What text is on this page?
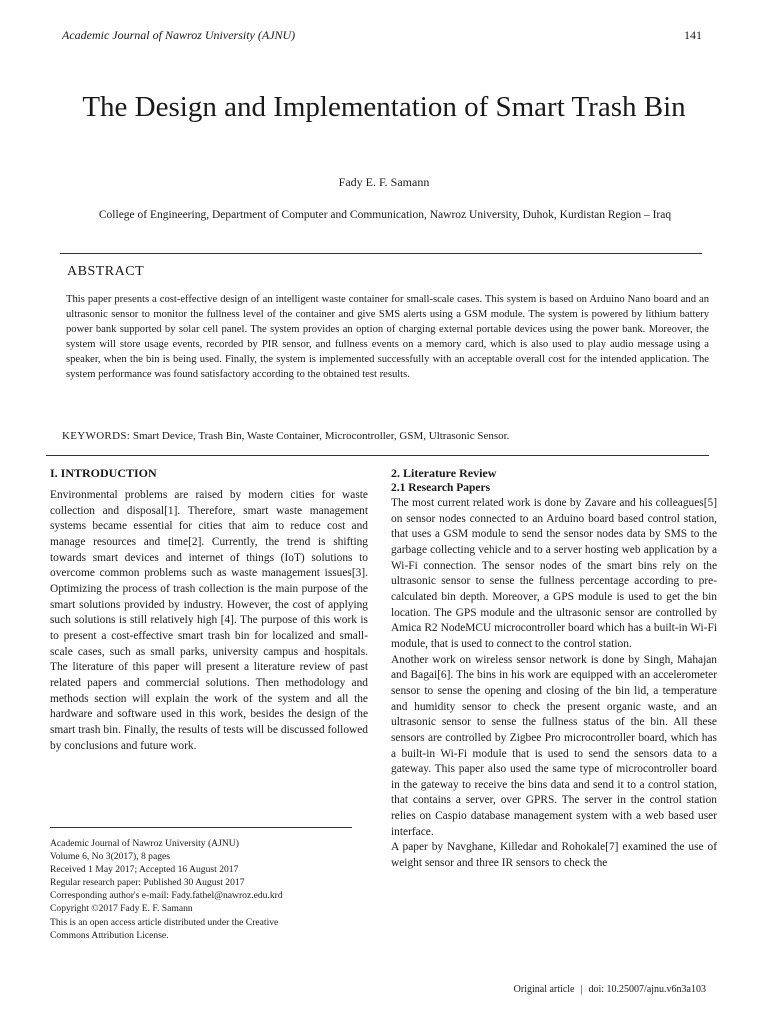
Academic Journal of Nawroz University (AJNU)	141
The Design and Implementation of Smart Trash Bin
Fady E. F. Samann
College of Engineering, Department of Computer and Communication, Nawroz University, Duhok, Kurdistan Region – Iraq
ABSTRACT

This paper presents a cost-effective design of an intelligent waste container for small-scale cases. This system is based on Arduino Nano board and an ultrasonic sensor to monitor the fullness level of the container and give SMS alerts using a GSM module. The system is powered by lithium battery power bank supported by solar cell panel. The system provides an option of charging external portable devices using the power bank. Moreover, the system will store usage events, recorded by PIR sensor, and fullness events on a memory card, which is also used to play audio message using a speaker, when the bin is being used. Finally, the system is implemented successfully with an acceptable overall cost for the intended application. The system performance was found satisfactory according to the obtained test results.

KEYWORDS: Smart Device, Trash Bin, Waste Container, Microcontroller, GSM, Ultrasonic Sensor.
I. INTRODUCTION

Environmental problems are raised by modern cities for waste collection and disposal[1]. Therefore, smart waste management systems became essential for cities that aim to reduce cost and manage resources and time[2]. Currently, the trend is shifting towards smart devices and internet of things (IoT) solutions to overcome common problems such as waste management issues[3]. Optimizing the process of trash collection is the main purpose of the smart solutions provided by industry. However, the cost of applying such solutions is still relatively high [4]. The purpose of this work is to present a cost-effective smart trash bin for localized and small-scale cases, such as small parks, university campus and hospitals. The literature of this paper will present a literature review of past related papers and commercial solutions. Then methodology and methods section will explain the work of the system and all the hardware and software used in this work, besides the design of the smart trash bin. Finally, the results of tests will be discussed followed by conclusions and future work.

Academic Journal of Nawroz University (AJNU)
Volume 6, No 3(2017), 8 pages
Received 1 May 2017; Accepted 16 August 2017
Regular research paper: Published 30 August 2017
Corresponding author's e-mail: Fady.fathel@nawroz.edu.krd
Copyright ©2017 Fady E. F. Samann
This is an open access article distributed under the Creative
Commons Attribution License.
2. Literature Review
2.1 Research Papers

The most current related work is done by Zavare and his colleagues[5] on sensor nodes connected to an Arduino board based control station, that uses a GSM module to send the sensor nodes data by SMS to the garbage collecting vehicle and to a server hosting web application by a Wi-Fi connection. The sensor nodes of the smart bins rely on the ultrasonic sensor to sense the fullness percentage according to pre-calculated bin depth. Moreover, a GPS module is used to get the bin location. The GPS module and the ultrasonic sensor are controlled by Amica R2 NodeMCU microcontroller board which has a built-in Wi-Fi module, that is used to connect to the control station.

Another work on wireless sensor network is done by Singh, Mahajan and Bagai[6]. The bins in his work are equipped with an accelerometer sensor to sense the opening and closing of the bin lid, a temperature and humidity sensor to check the present organic waste, and an ultrasonic sensor to sense the fullness status of the bin. All these sensors are controlled by Zigbee Pro microcontroller board, which has a built-in Wi-Fi module that is used to send the sensors data to a gateway. This paper also used the same type of microcontroller board in the gateway to receive the bins data and send it to a control station, that contains a server, over GPRS. The server in the control station relies on Caspio database management system with a web based user interface.

A paper by Navghane, Killedar and Rohokale[7] examined the use of weight sensor and three IR sensors to check the

Original article | doi: 10.25007/ajnu.v6n3a103
